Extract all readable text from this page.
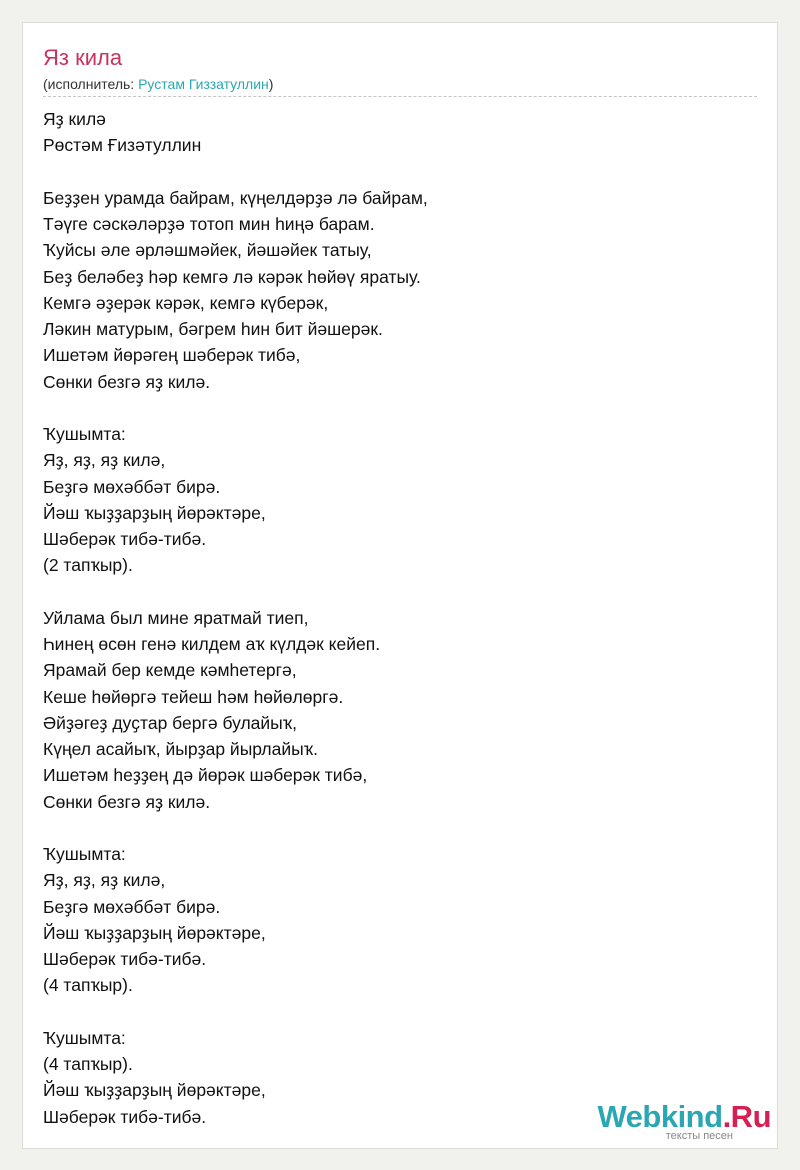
Яз кила
(исполнитель: Рустам Гиззатуллин)
Яҙ килә
Рөстәм Ғизәтуллин
Беҙҙен урамда байрам, күңелдәрҙә лә байрам,
Тәүге сәскәләрҙә тотоп мин һиңә барам.
Ҡуйсы әле әрләшмәйек, йәшәйек татыу,
Беҙ беләбеҙ һәр кемгә лә кәрәк һөйөү яратыу.
Кемгә әҙерәк кәрәк, кемгә күберәк,
Ләкин матурым, бәгрем һин бит йәшерәк.
Ишетәм йөрәгең шәберәк тибә,
Сөнки безгә яҙ килә.
Ҡушымта:
Яҙ, яҙ, яҙ килә,
Беҙгә мөхәббәт бирә.
Йәш ҡыҙҙарҙың йөрәктәре,
Шәберәк тибә-тибә.
(2 тапҡыр).
Уйлама был мине яратмай тиеп,
Һинең өсөн генә килдем аҡ күлдәк кейеп.
Ярамай бер кемде кәмһетергә,
Кеше һөйөргә тейеш һәм һөйөлөргә.
Әйҙәгеҙ дуҫтар бергә булайыҡ,
Күңел асайыҡ, йырҙар йырлайыҡ.
Ишетәм һеҙҙең дә йөрәк шәберәк тибә,
Сөнки безгә яҙ килә.
Ҡушымта:
Яҙ, яҙ, яҙ килә,
Беҙгә мөхәббәт бирә.
Йәш ҡыҙҙарҙың йөрәктәре,
Шәберәк тибә-тибә.
(4 тапҡыр).
Ҡушымта:
(4 тапҡыр).
Йәш ҡыҙҙарҙың йөрәктәре,
Шәберәк тибә-тибә.	Webkind.Ru
тексты песен
